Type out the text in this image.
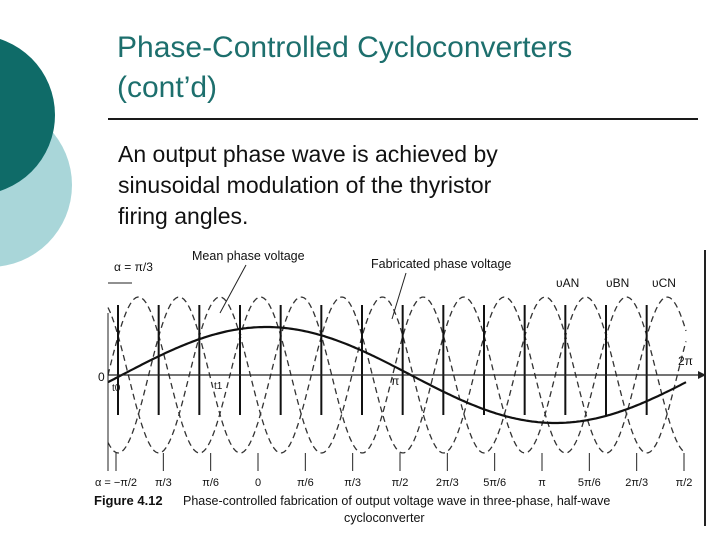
Phase-Controlled Cycloconverters
(cont’d)
An output phase wave is achieved by
sinusoidal modulation of the thyristor
firing angles.
α = π/3
Mean phase voltage
Fabricated phase voltage
υAN υBN υCN
0
t0	t1	π
2π
α = −π/2 π/3	π/6	0	π/6	π/3	π/2	2π/3 5π/6	π	5π/6 2π/3	π/2
Figure 4.12 Phase-controlled fabrication of output voltage wave in three-phase, half-wave
cycloconverter
